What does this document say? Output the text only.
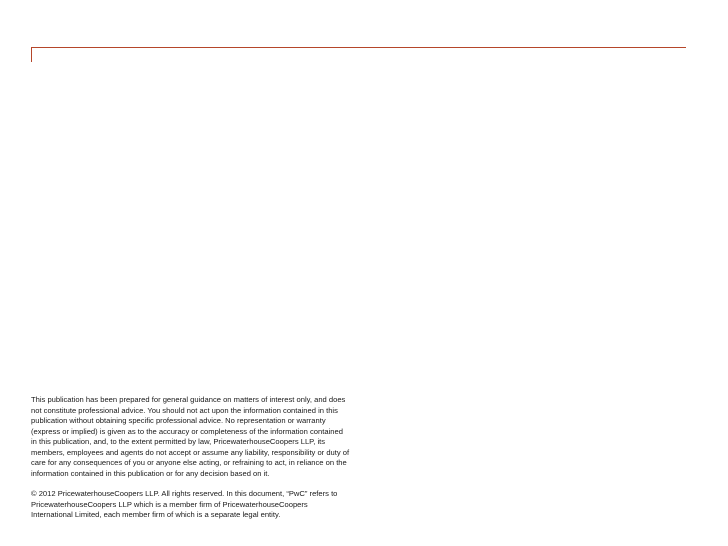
This publication has been prepared for general guidance on matters of interest only, and does
not constitute professional advice. You should not act upon the information contained in this
publication without obtaining specific professional advice. No representation or warranty
(express or implied) is given as to the accuracy or completeness of the information contained
in this publication, and, to the extent permitted by law, PricewaterhouseCoopers LLP, its
members, employees and agents do not accept or assume any liability, responsibility or duty of
care for any consequences of you or anyone else acting, or refraining to act, in reliance on the
information contained in this publication or for any decision based on it.
© 2012 PricewaterhouseCoopers LLP. All rights reserved. In this document, “PwC” refers to
PricewaterhouseCoopers LLP which is a member firm of PricewaterhouseCoopers
International Limited, each member firm of which is a separate legal entity.
